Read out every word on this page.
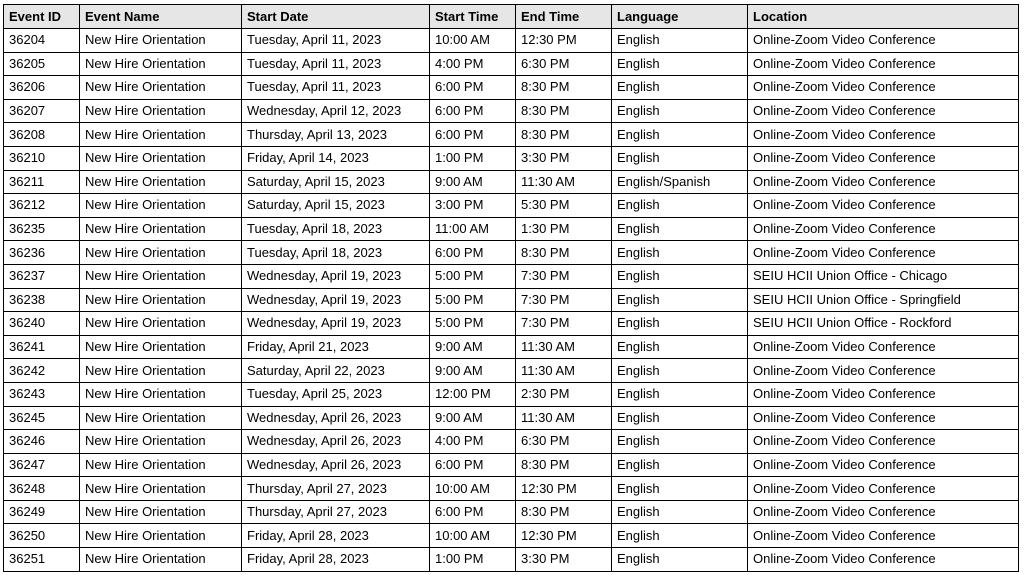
Event ID	Event Name	Start Date	Start Time	End Time	Language	Location
36204	New Hire Orientation	Tuesday, April 11, 2023	10:00 AM	12:30 PM	English	Online-Zoom Video Conference
36205	New Hire Orientation	Tuesday, April 11, 2023	4:00 PM	6:30 PM	English	Online-Zoom Video Conference
36206	New Hire Orientation	Tuesday, April 11, 2023	6:00 PM	8:30 PM	English	Online-Zoom Video Conference
36207	New Hire Orientation	Wednesday, April 12, 2023	6:00 PM	8:30 PM	English	Online-Zoom Video Conference
36208	New Hire Orientation	Thursday, April 13, 2023	6:00 PM	8:30 PM	English	Online-Zoom Video Conference
36210	New Hire Orientation	Friday, April 14, 2023	1:00 PM	3:30 PM	English	Online-Zoom Video Conference
36211	New Hire Orientation	Saturday, April 15, 2023	9:00 AM	11:30 AM	English/Spanish	Online-Zoom Video Conference
36212	New Hire Orientation	Saturday, April 15, 2023	3:00 PM	5:30 PM	English	Online-Zoom Video Conference
36235	New Hire Orientation	Tuesday, April 18, 2023	11:00 AM	1:30 PM	English	Online-Zoom Video Conference
36236	New Hire Orientation	Tuesday, April 18, 2023	6:00 PM	8:30 PM	English	Online-Zoom Video Conference
36237	New Hire Orientation	Wednesday, April 19, 2023	5:00 PM	7:30 PM	English	SEIU HCII Union Office - Chicago
36238	New Hire Orientation	Wednesday, April 19, 2023	5:00 PM	7:30 PM	English	SEIU HCII Union Office - Springfield
36240	New Hire Orientation	Wednesday, April 19, 2023	5:00 PM	7:30 PM	English	SEIU HCII Union Office - Rockford
36241	New Hire Orientation	Friday, April 21, 2023	9:00 AM	11:30 AM	English	Online-Zoom Video Conference
36242	New Hire Orientation	Saturday, April 22, 2023	9:00 AM	11:30 AM	English	Online-Zoom Video Conference
36243	New Hire Orientation	Tuesday, April 25, 2023	12:00 PM	2:30 PM	English	Online-Zoom Video Conference
36245	New Hire Orientation	Wednesday, April 26, 2023	9:00 AM	11:30 AM	English	Online-Zoom Video Conference
36246	New Hire Orientation	Wednesday, April 26, 2023	4:00 PM	6:30 PM	English	Online-Zoom Video Conference
36247	New Hire Orientation	Wednesday, April 26, 2023	6:00 PM	8:30 PM	English	Online-Zoom Video Conference
36248	New Hire Orientation	Thursday, April 27, 2023	10:00 AM	12:30 PM	English	Online-Zoom Video Conference
36249	New Hire Orientation	Thursday, April 27, 2023	6:00 PM	8:30 PM	English	Online-Zoom Video Conference
36250	New Hire Orientation	Friday, April 28, 2023	10:00 AM	12:30 PM	English	Online-Zoom Video Conference
36251	New Hire Orientation	Friday, April 28, 2023	1:00 PM	3:30 PM	English	Online-Zoom Video Conference
